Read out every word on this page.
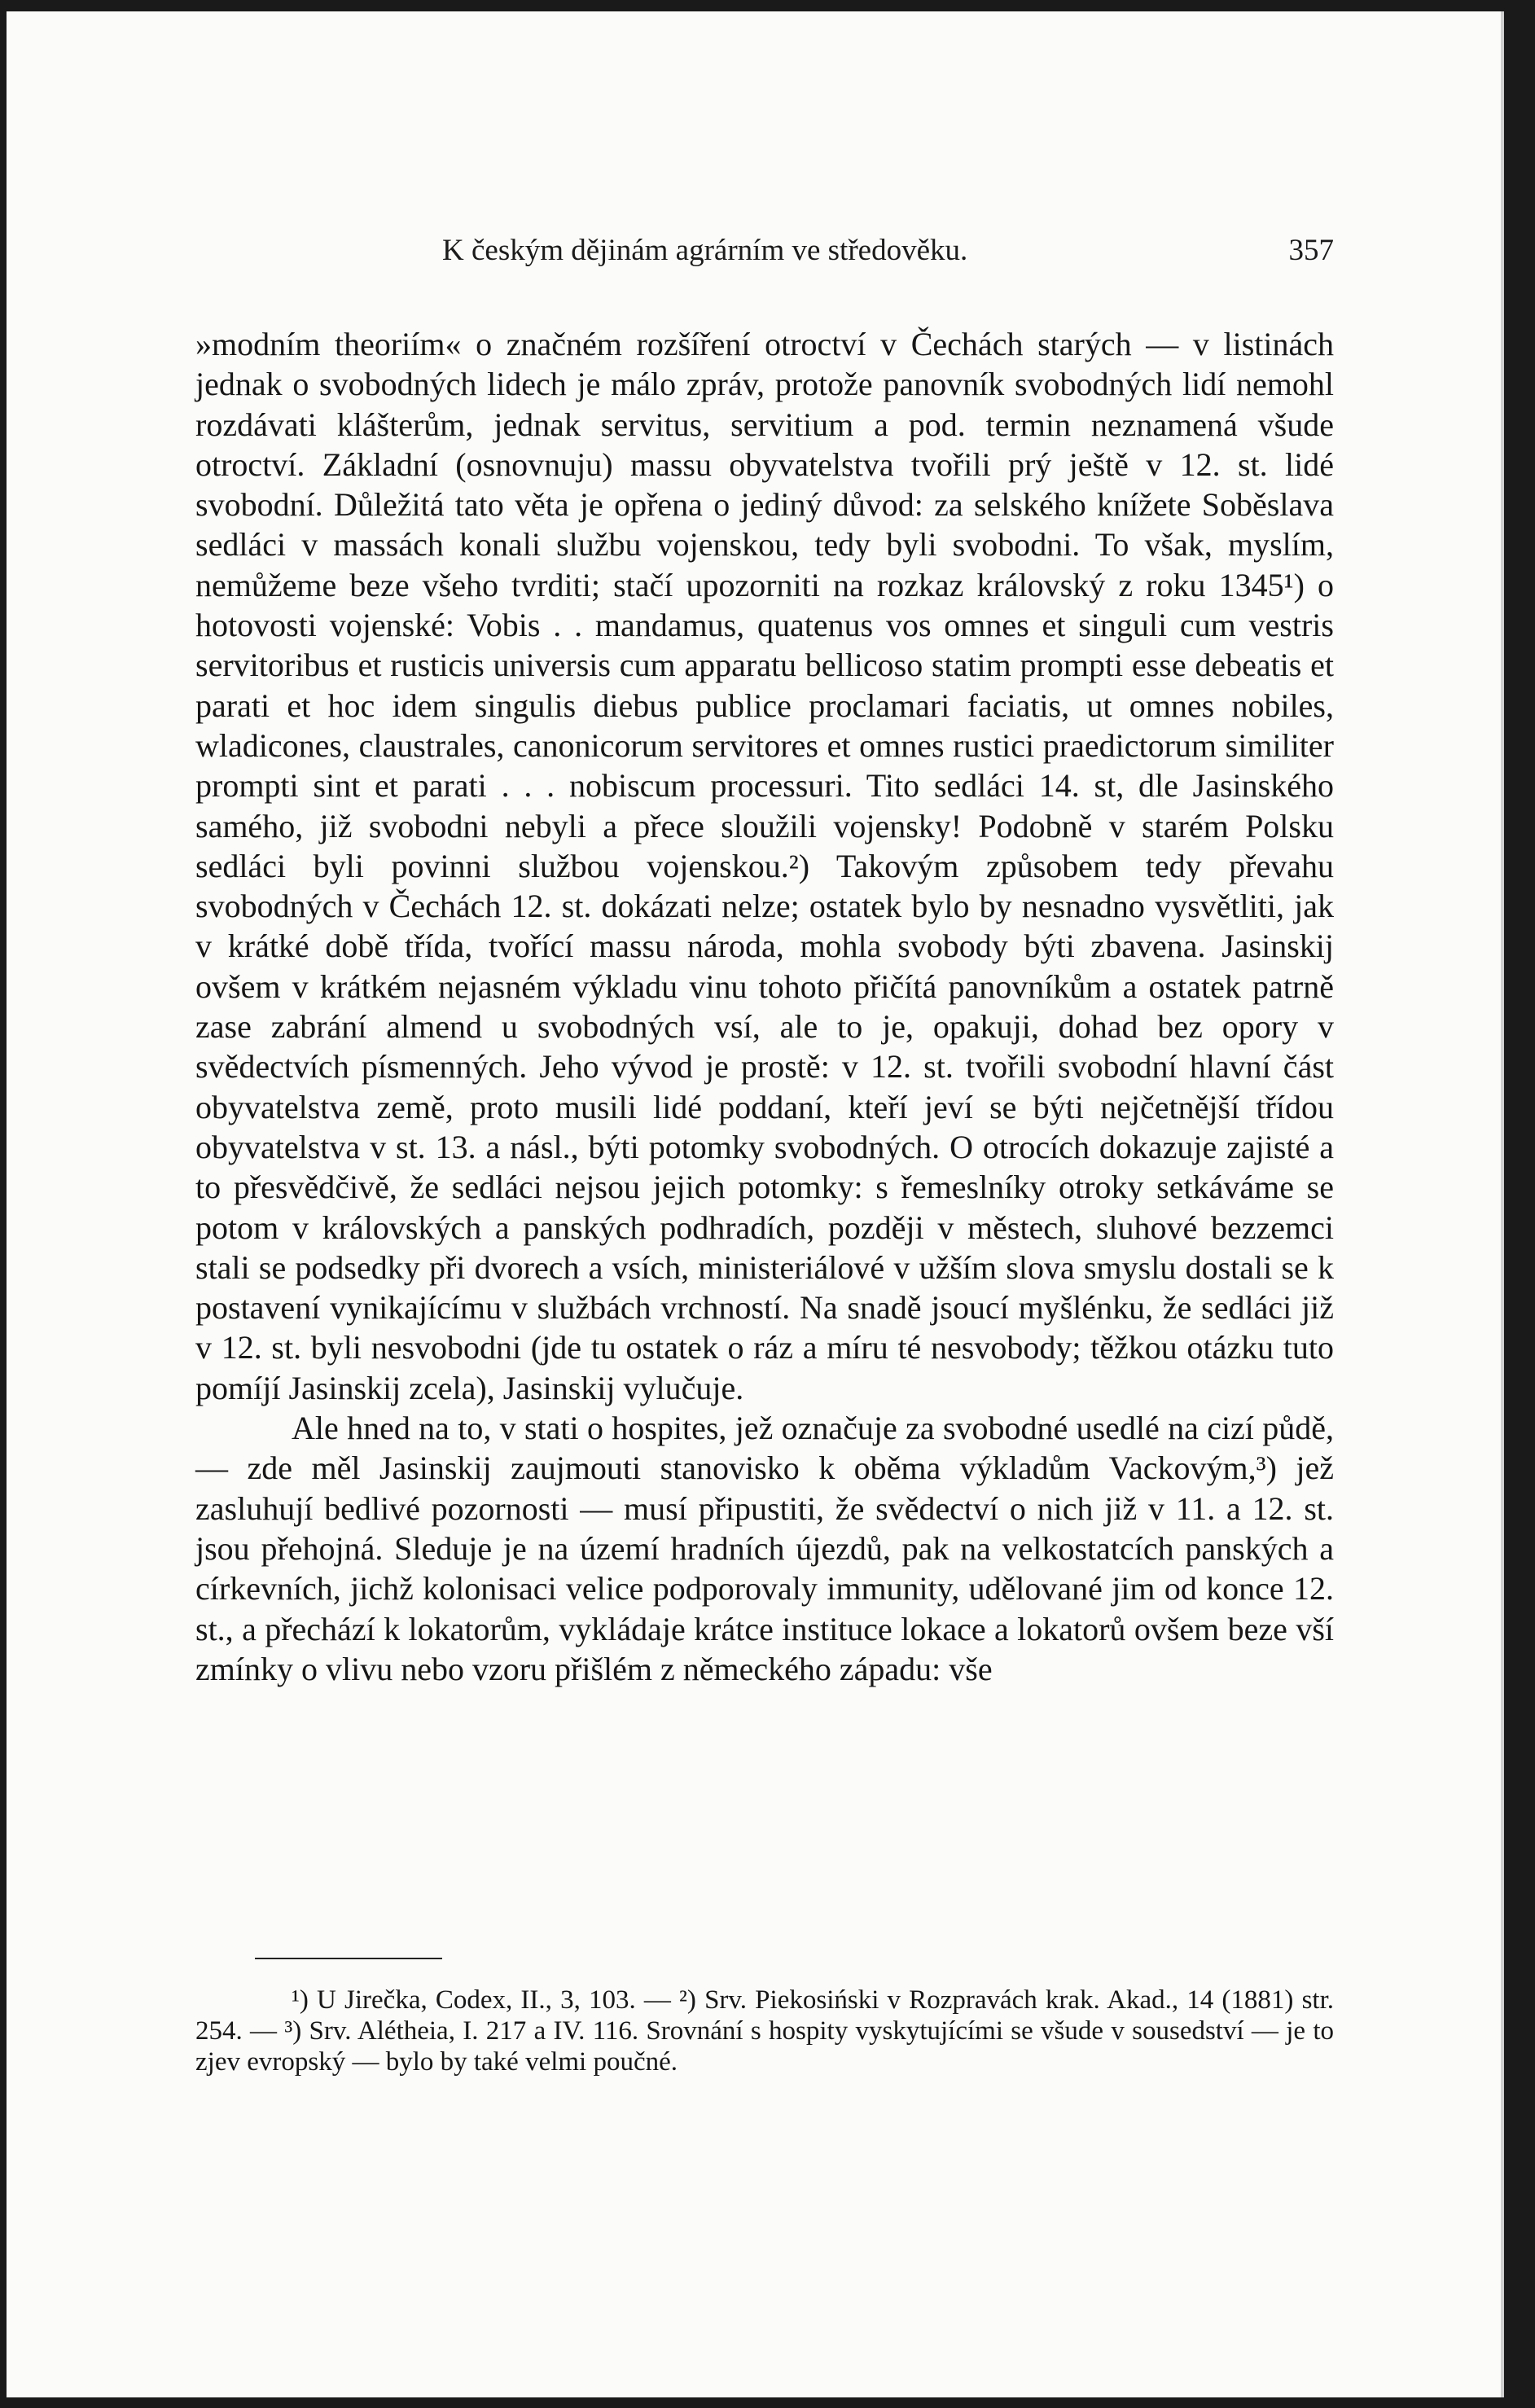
K českým dějinám agrárním ve středověku.	357

»modním theoriím« o značném rozšíření otroctví v Čechách starých — v listinách jednak o svobodných lidech je málo zpráv, protože panovník svobodných lidí nemohl rozdávati klášterům, jednak servitus, servitium a pod. termin neznamená všude otroctví. Základní (osnovnuju) massu obyvatelstva tvořili prý ještě v 12. st. lidé svobodní. Důležitá tato věta je opřena o jediný důvod: za selského knížete Soběslava sedláci v massách konali službu vojenskou, tedy byli svobodni. To však, myslím, nemůžeme beze všeho tvrditi; stačí upozorniti na rozkaz královský z roku 1345¹) o hotovosti vojenské: Vobis . . mandamus, quatenus vos omnes et singuli cum vestris servitoribus et rusticis universis cum apparatu bellicoso statim prompti esse debeatis et parati et hoc idem singulis diebus publice proclamari faciatis, ut omnes nobiles, wladicones, claustrales, canonicorum servitores et omnes rustici praedictorum similiter prompti sint et parati . . . nobiscum processuri. Tito sedláci 14. st, dle Jasinského samého, již svobodni nebyli a přece sloužili vojensky! Podobně v starém Polsku sedláci byli povinni službou vojenskou.²) Takovým způsobem tedy převahu svobodných v Čechách 12. st. dokázati nelze; ostatek bylo by nesnadno vysvětliti, jak v krátké době třída, tvořící massu národa, mohla svobody býti zbavena. Jasinskij ovšem v krátkém nejasném výkladu vinu tohoto přičítá panovníkům a ostatek patrně zase zabrání almend u svobodných vsí, ale to je, opakuji, dohad bez opory v svědectvích písmenných. Jeho vývod je prostě: v 12. st. tvořili svobodní hlavní část obyvatelstva země, proto musili lidé poddaní, kteří jeví se býti nejčetnější třídou obyvatelstva v st. 13. a násl., býti potomky svobodných. O otrocích dokazuje zajisté a to přesvědčivě, že sedláci nejsou jejich potomky: s řemeslníky otroky setkáváme se potom v královských a panských podhradích, později v městech, sluhové bezzemci stali se podsedky při dvorech a vsích, ministeriálové v užším slova smyslu dostali se k postavení vynikajícímu v službách vrchností. Na snadě jsoucí myšlénku, že sedláci již v 12. st. byli nesvobodni (jde tu ostatek o ráz a míru té nesvobody; těžkou otázku tuto pomíjí Jasinskij zcela), Jasinskij vylučuje.

Ale hned na to, v stati o hospites, jež označuje za svobodné usedlé na cizí půdě, — zde měl Jasinskij zaujmouti stanovisko k oběma výkladům Vackovým,³) jež zasluhují bedlivé pozornosti — musí připustiti, že svědectví o nich již v 11. a 12. st. jsou přehojná. Sleduje je na území hradních újezdů, pak na velkostatcích panských a církevních, jichž kolonisaci velice podporovaly immunity, udělované jim od konce 12. st., a přechází k lokatorům, vykládaje krátce instituce lokace a lokatorů ovšem beze vší zmínky o vlivu nebo vzoru přišlém z německého západu: vše

¹) U Jirečka, Codex, II., 3, 103. — ²) Srv. Piekosiński v Rozpravách krak. Akad., 14 (1881) str. 254. — ³) Srv. Alétheia, I. 217 a IV. 116. Srovnání s hospity vyskytujícími se všude v sousedství — je to zjev evropský — bylo by také velmi poučné.
